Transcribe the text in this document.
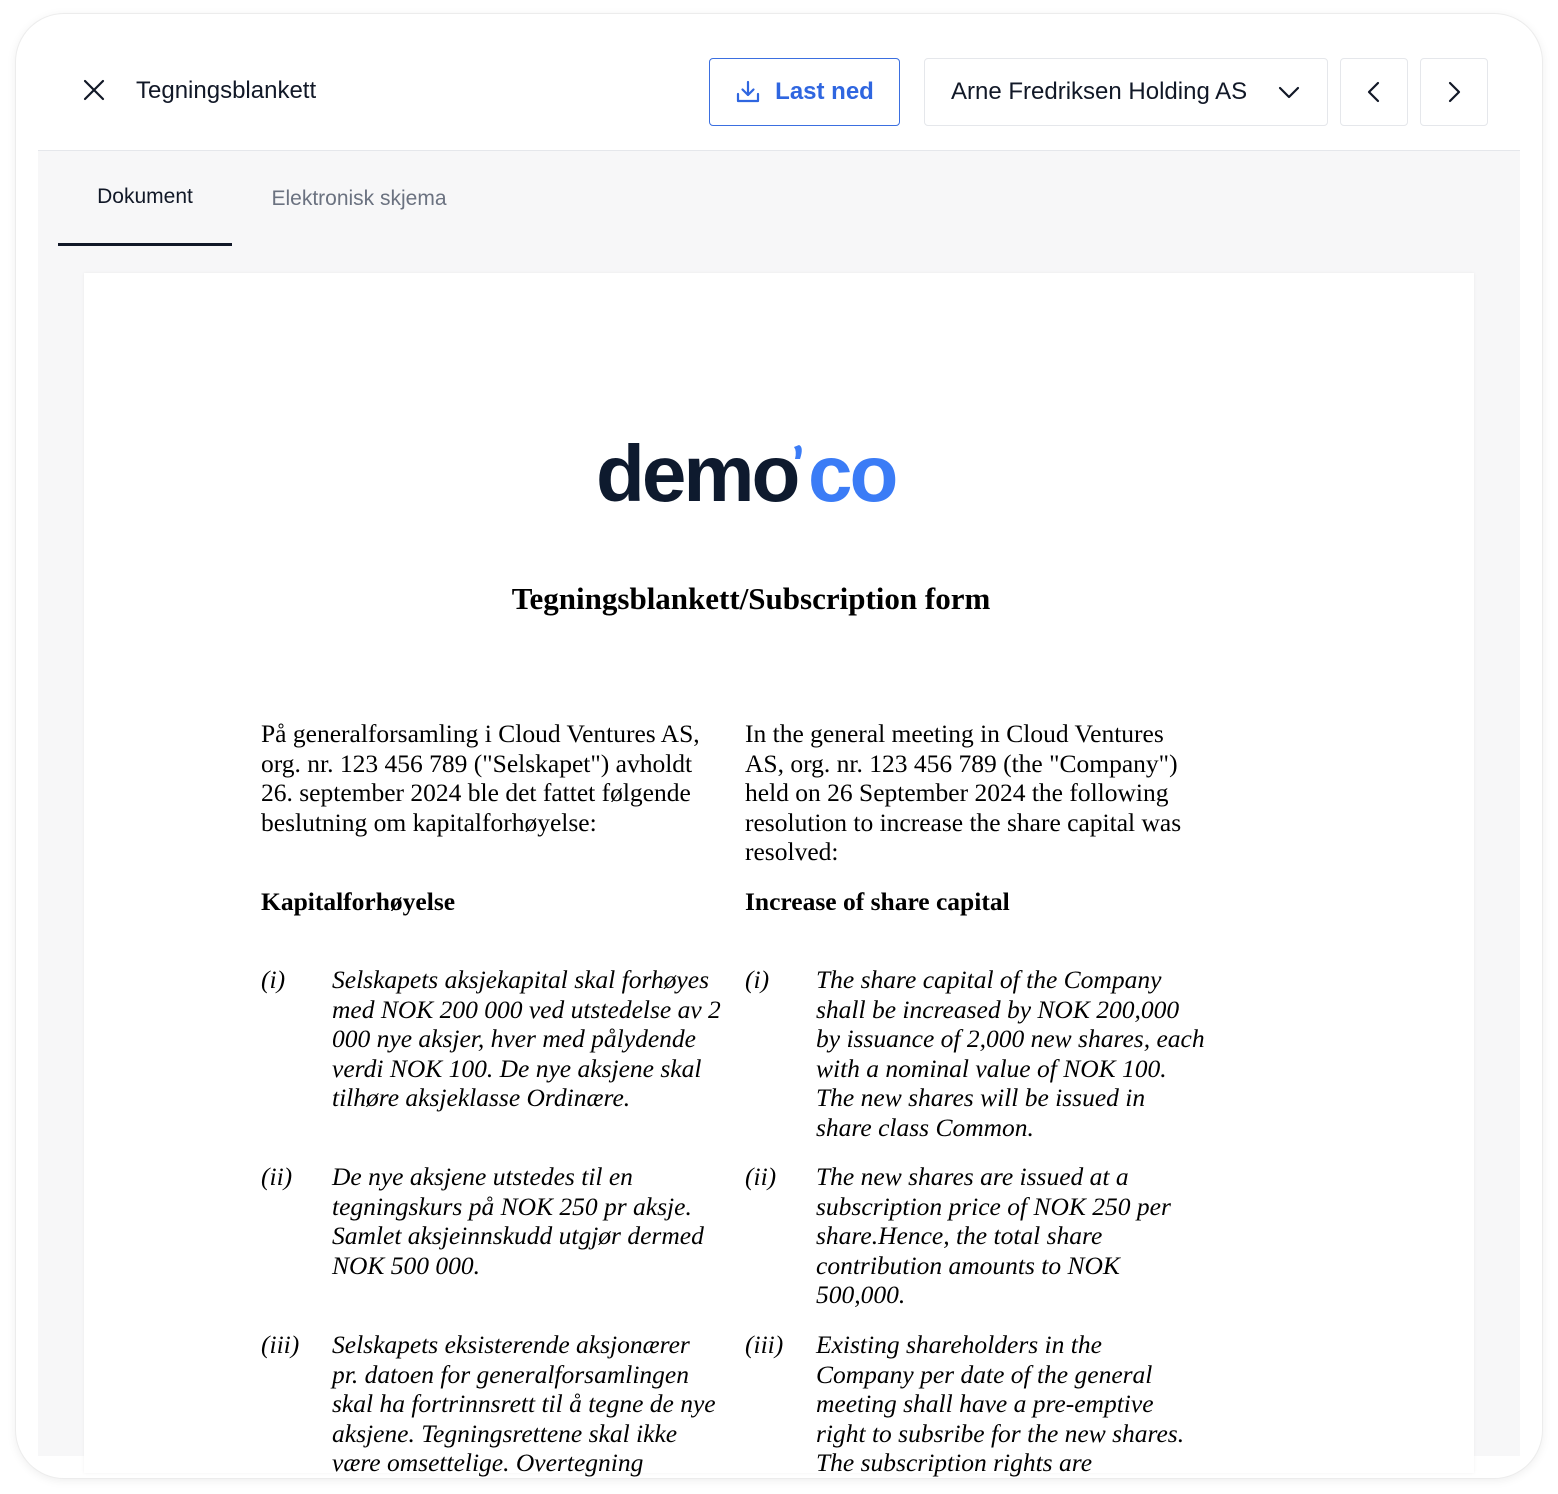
Tegningsblankett	Last ned	Arne Fredriksen Holding AS
Dokument	Elektronisk skjema
demo co
Tegningsblankett/Subscription form
På generalforsamling i Cloud Ventures AS, org. nr. 123 456 789 ("Selskapet") avholdt 26. september 2024 ble det fattet følgende beslutning om kapitalforhøyelse:
In the general meeting in Cloud Ventures AS, org. nr. 123 456 789 (the "Company") held on 26 September 2024 the following resolution to increase the share capital was resolved:
Kapitalforhøyelse	Increase of share capital
(i) Selskapets aksjekapital skal forhøyes med NOK 200 000 ved utstedelse av 2 000 nye aksjer, hver med pålydende verdi NOK 100. De nye aksjene skal tilhøre aksjeklasse Ordinære.
(i) The share capital of the Company shall be increased by NOK 200,000 by issuance of 2,000 new shares, each with a nominal value of NOK 100. The new shares will be issued in share class Common.
(ii) De nye aksjene utstedes til en tegningskurs på NOK 250 pr aksje. Samlet aksjeinnskudd utgjør dermed NOK 500 000.
(ii) The new shares are issued at a subscription price of NOK 250 per share.Hence, the total share contribution amounts to NOK 500,000.
(iii) Selskapets eksisterende aksjonærer pr. datoen for generalforsamlingen skal ha fortrinnsrett til å tegne de nye aksjene. Tegningsrettene skal ikke være omsettelige. Overtegning
(iii) Existing shareholders in the Company per date of the general meeting shall have a pre-emptive right to subsribe for the new shares. The subscription rights are
